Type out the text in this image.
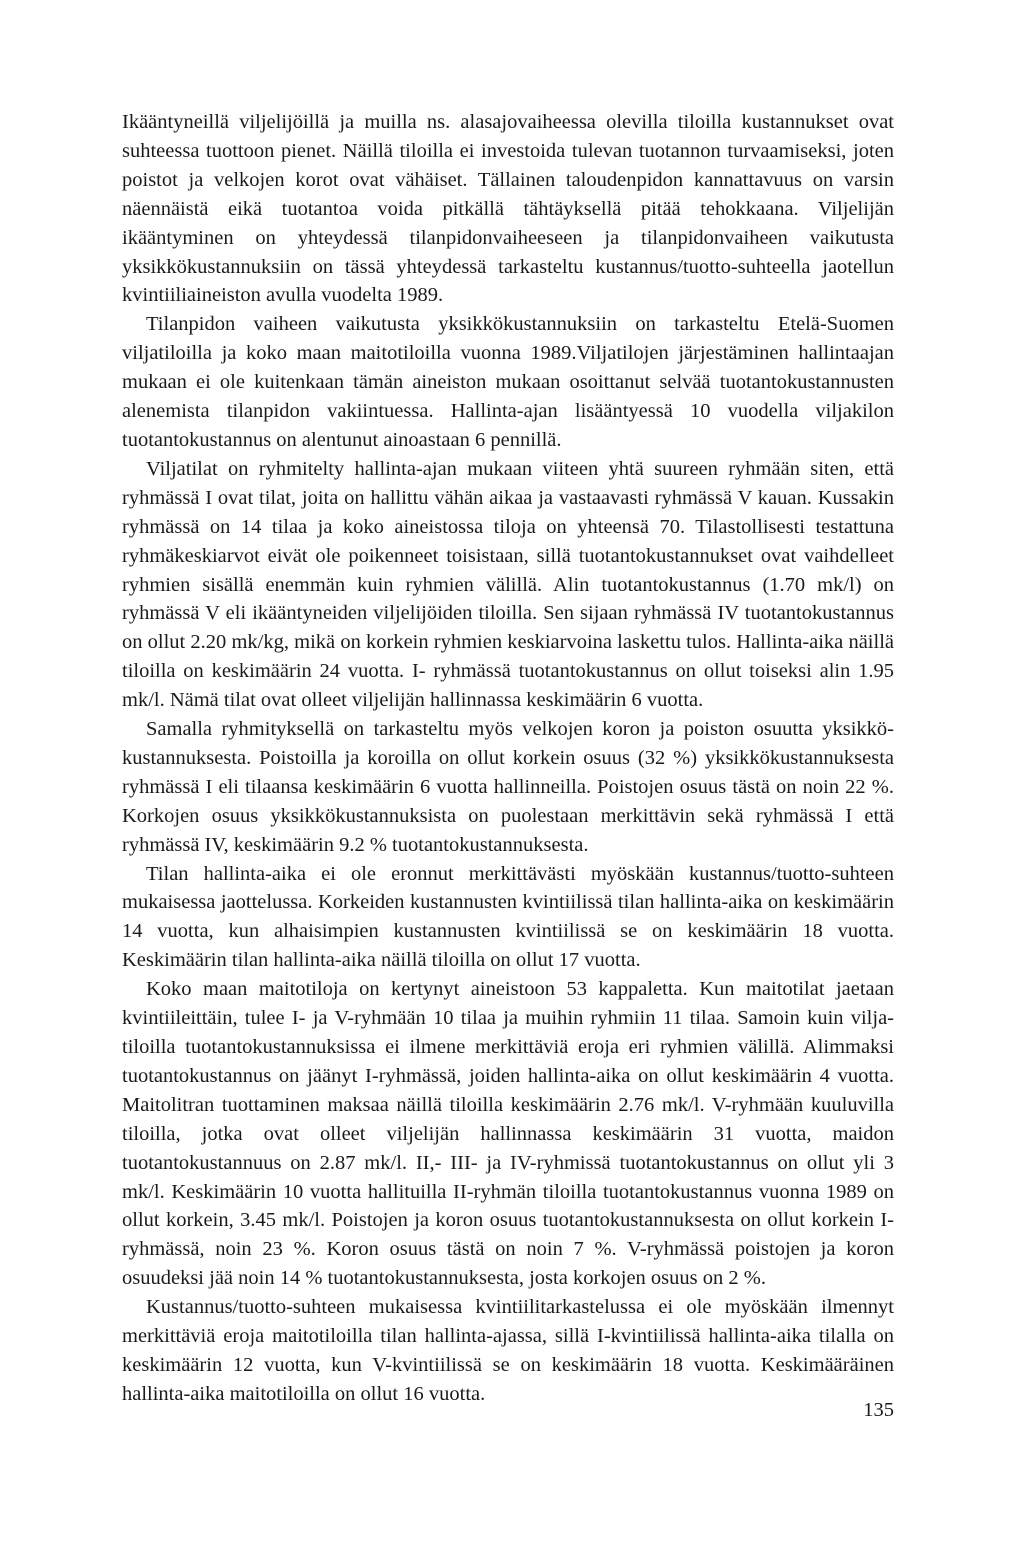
Ikääntyneillä viljelijöillä ja muilla ns. alasajovaiheessa olevilla tiloilla kustannukset ovat suhteessa tuottoon pienet. Näillä tiloilla ei investoida tulevan tuotannon turvaamiseksi, joten poistot ja velkojen korot ovat vähäiset. Tällainen taloudenpidon kannattavuus on varsin näennäistä eikä tuotantoa voida pitkällä tähtäyksellä pitää tehokkaana. Viljelijän ikääntyminen on yhteydessä tilanpidonvaiheeseen ja tilanpidonvaiheen vaikutusta yksikkökustannuksiin on tässä yhteydessä tarkasteltu kustannus/tuotto-suhteella jaotellun kvintiiliaineiston avulla vuodelta 1989.

Tilanpidon vaiheen vaikutusta yksikkökustannuksiin on tarkasteltu Etelä-Suomen viljatiloilla ja koko maan maitotiloilla vuonna 1989.Viljatilojen järjestäminen hallintaajan mukaan ei ole kuitenkaan tämän aineiston mukaan osoittanut selvää tuotantokustannusten alenemista tilanpidon vakiintuessa. Hallinta-ajan lisääntyessä 10 vuodella viljakilon tuotantokustannus on alentunut ainoastaan 6 pennillä.

Viljatilat on ryhmitelty hallinta-ajan mukaan viiteen yhtä suureen ryhmään siten, että ryhmässä I ovat tilat, joita on hallittu vähän aikaa ja vastaavasti ryhmässä V kauan. Kussakin ryhmässä on 14 tilaa ja koko aineistossa tiloja on yhteensä 70. Tilastollisesti testattuna ryhmäkeskiarvot eivät ole poikenneet toisistaan, sillä tuotantokustannukset ovat vaihdelleet ryhmien sisällä enemmän kuin ryhmien välillä. Alin tuotantokustannus (1.70 mk/l) on ryhmässä V eli ikääntyneiden viljelijöiden tiloilla. Sen sijaan ryhmässä IV tuotantokustannus on ollut 2.20 mk/kg, mikä on korkein ryhmien keskiarvoina laskettu tulos. Hallinta-aika näillä tiloilla on keskimäärin 24 vuotta. I- ryhmässä tuotantokustannus on ollut toiseksi alin 1.95 mk/l. Nämä tilat ovat olleet viljelijän hallinnassa keskimäärin 6 vuotta.

Samalla ryhmityksellä on tarkasteltu myös velkojen koron ja poiston osuutta yksikkökustannuksesta. Poistoilla ja koroilla on ollut korkein osuus (32 %) yksikkökustannuksesta ryhmässä I eli tilaansa keskimäärin 6 vuotta hallinneilla. Poistojen osuus tästä on noin 22 %. Korkojen osuus yksikkökustannuksista on puolestaan merkittävin sekä ryhmässä I että ryhmässä IV, keskimäärin 9.2 % tuotantokustannuksesta.

Tilan hallinta-aika ei ole eronnut merkittävästi myöskään kustannus/tuotto-suhteen mukaisessa jaottelussa. Korkeiden kustannusten kvintiilissä tilan hallinta-aika on keskimäärin 14 vuotta, kun alhaisimpien kustannusten kvintiilissä se on keskimäärin 18 vuotta. Keskimäärin tilan hallinta-aika näillä tiloilla on ollut 17 vuotta.

Koko maan maitotiloja on kertynyt aineistoon 53 kappaletta. Kun maitotilat jaetaan kvintiileittäin, tulee I- ja V-ryhmään 10 tilaa ja muihin ryhmiin 11 tilaa. Samoin kuin viljatiloilla tuotantokustannuksissa ei ilmene merkittäviä eroja eri ryhmien välillä. Alimmaksi tuotantokustannus on jäänyt I-ryhmässä, joiden hallinta-aika on ollut keskimäärin 4 vuotta. Maitolitran tuottaminen maksaa näillä tiloilla keskimäärin 2.76 mk/l. V-ryhmään kuuluvilla tiloilla, jotka ovat olleet viljelijän hallinnassa keskimäärin 31 vuotta, maidon tuotantokustannuus on 2.87 mk/l. II,- III- ja IV-ryhmissä tuotantokustannus on ollut yli 3 mk/l. Keskimäärin 10 vuotta hallituilla II-ryhmän tiloilla tuotantokustannus vuonna 1989 on ollut korkein, 3.45 mk/l. Poistojen ja koron osuus tuotantokustannuksesta on ollut korkein I-ryhmässä, noin 23 %. Koron osuus tästä on noin 7 %. V-ryhmässä poistojen ja koron osuudeksi jää noin 14 % tuotantokustannuksesta, josta korkojen osuus on 2 %.

Kustannus/tuotto-suhteen mukaisessa kvintiilitarkastelussa ei ole myöskään ilmennyt merkittäviä eroja maitotiloilla tilan hallinta-ajassa, sillä I-kvintiilissä hallinta-aika tilalla on keskimäärin 12 vuotta, kun V-kvintiilissä se on keskimäärin 18 vuotta. Keskimääräinen hallinta-aika maitotiloilla on ollut 16 vuotta.

135
